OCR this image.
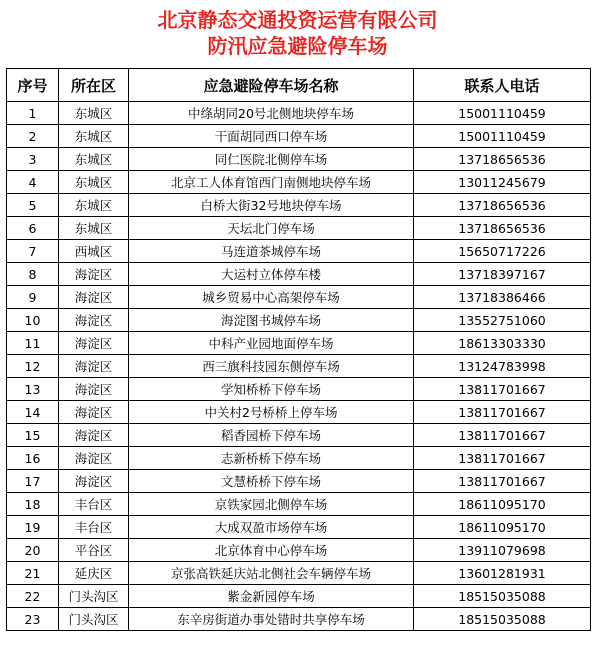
北京静态交通投资运营有限公司
防汛应急避险停车场
序号	所在区	应急避险停车场名称	联系人电话
1	东城区	中绦胡同20号北侧地块停车场	15001110459
2	东城区	干面胡同西口停车场	15001110459
3	东城区	同仁医院北侧停车场	13718656536
4	东城区	北京工人体育馆西门南侧地块停车场	13011245679
5	东城区	白桥大街32号地块停车场	13718656536
6	东城区	天坛北门停车场	13718656536
7	西城区	马连道茶城停车场	15650717226
8	海淀区	大运村立体停车楼	13718397167
9	海淀区	城乡贸易中心高架停车场	13718386466
10	海淀区	海淀图书城停车场	13552751060
11	海淀区	中科产业园地面停车场	18613303330
12	海淀区	西三旗科技园东侧停车场	13124783998
13	海淀区	学知桥桥下停车场	13811701667
14	海淀区	中关村2号桥桥上停车场	13811701667
15	海淀区	稻香园桥下停车场	13811701667
16	海淀区	志新桥桥下停车场	13811701667
17	海淀区	文慧桥桥下停车场	13811701667
18	丰台区	京铁家园北侧停车场	18611095170
19	丰台区	大成双盈市场停车场	18611095170
20	平谷区	北京体育中心停车场	13911079698
21	延庆区	京张高铁延庆站北侧社会车辆停车场	13601281931
22	门头沟区	紫金新园停车场	18515035088
23	门头沟区	东辛房街道办事处错时共享停车场	18515035088
